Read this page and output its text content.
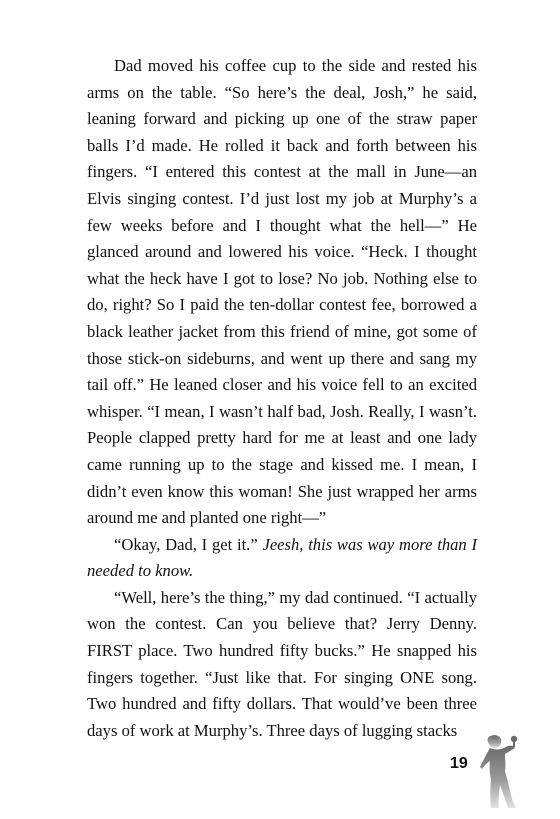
Dad moved his coffee cup to the side and rested his arms on the table. “So here’s the deal, Josh,” he said, leaning forward and picking up one of the straw paper balls I’d made. He rolled it back and forth between his fingers. “I entered this contest at the mall in June—an Elvis singing contest. I’d just lost my job at Murphy’s a few weeks before and I thought what the hell—” He glanced around and lowered his voice. “Heck. I thought what the heck have I got to lose? No job. Nothing else to do, right? So I paid the ten-dollar contest fee, borrowed a black leather jacket from this friend of mine, got some of those stick-on sideburns, and went up there and sang my tail off.” He leaned closer and his voice fell to an excited whisper. “I mean, I wasn’t half bad, Josh. Really, I wasn’t. People clapped pretty hard for me at least and one lady came running up to the stage and kissed me. I mean, I didn’t even know this woman! She just wrapped her arms around me and planted one right—”

“Okay, Dad, I get it.” Jeesh, this was way more than I needed to know.

“Well, here’s the thing,” my dad continued. “I actually won the contest. Can you believe that? Jerry Denny. FIRST place. Two hundred fifty bucks.” He snapped his fingers together. “Just like that. For singing ONE song. Two hundred and fifty dollars. That would’ve been three days of work at Murphy’s. Three days of lugging stacks

19
